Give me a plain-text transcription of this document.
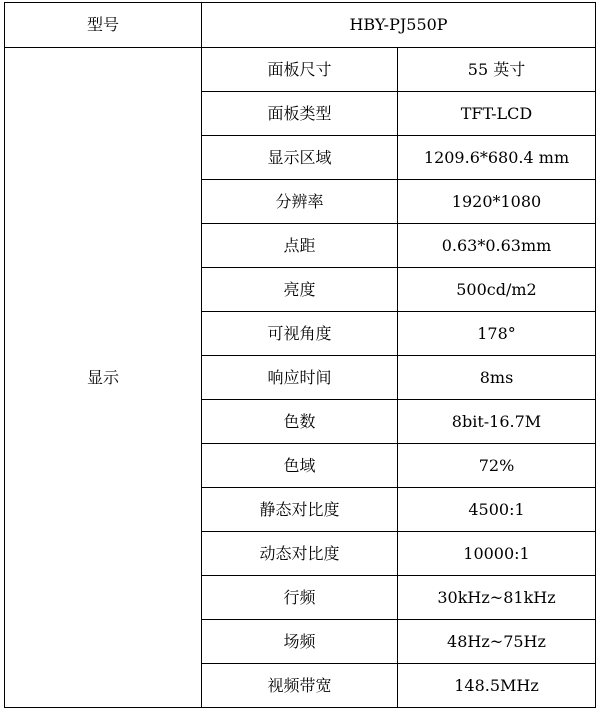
型号	HBY-PJ550P	
显示	面板尺寸	55 英寸
	面板类型	TFT-LCD
	显示区域	1209.6*680.4 mm
	分辨率	1920*1080
	点距	0.63*0.63mm
	亮度	500cd/m2
	可视角度	178°
	响应时间	8ms
	色数	8bit-16.7M
	色域	72%
	静态对比度	4500:1
	动态对比度	10000:1
	行频	30kHz~81kHz
	场频	48Hz~75Hz
	视频带宽	148.5MHz
